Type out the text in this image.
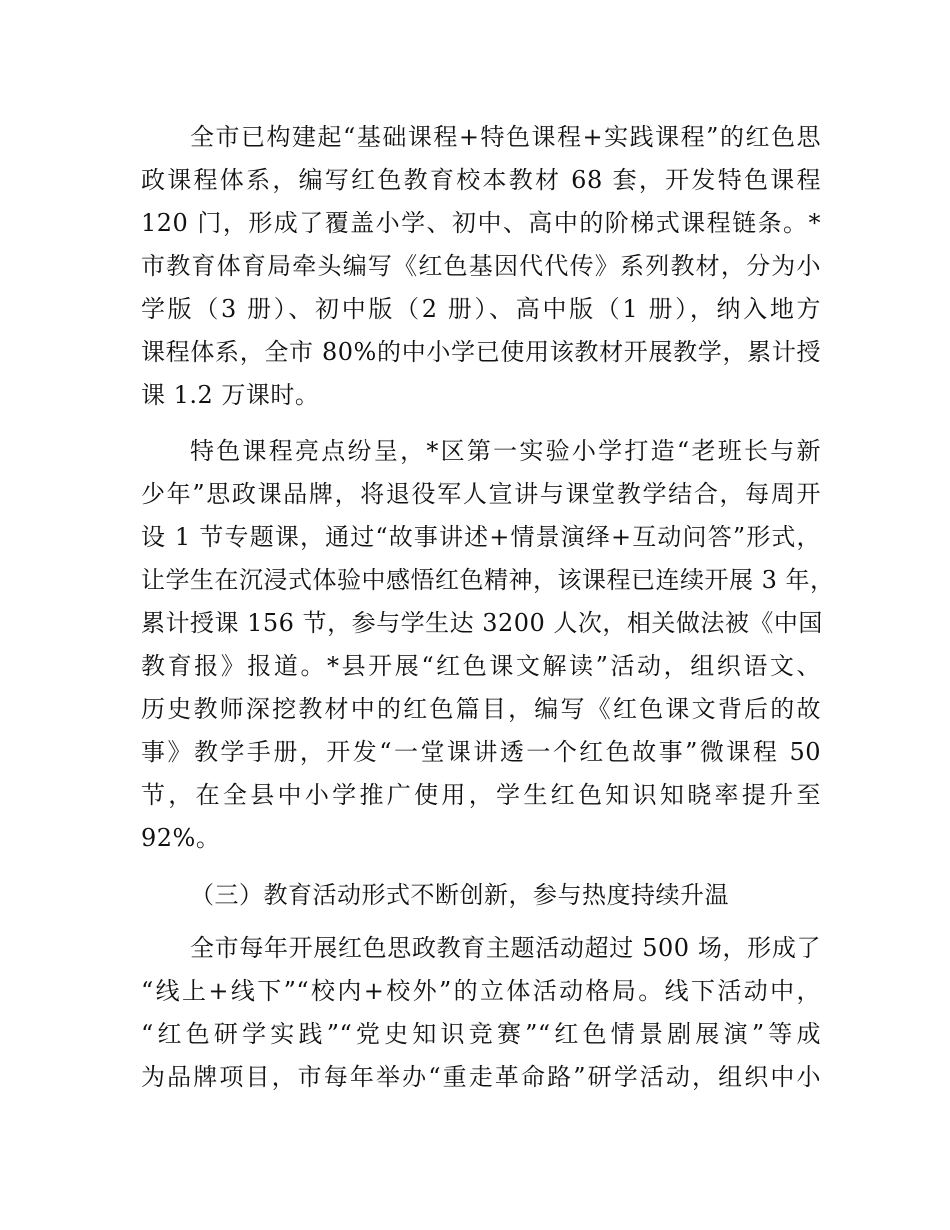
全市已构建起“基础课程+特色课程+实践课程”的红色思
政课程体系，编写红色教育校本教材 68 套，开发特色课程
120 门，形成了覆盖小学、初中、高中的阶梯式课程链条。*
市教育体育局牵头编写《红色基因代代传》系列教材，分为小
学版（3 册）、初中版（2 册）、高中版（1 册），纳入地方
课程体系，全市 80%的中小学已使用该教材开展教学，累计授
课 1.2 万课时。
特色课程亮点纷呈，*区第一实验小学打造“老班长与新
少年”思政课品牌，将退役军人宣讲与课堂教学结合，每周开
设 1 节专题课，通过“故事讲述+情景演绎+互动问答”形式，
让学生在沉浸式体验中感悟红色精神，该课程已连续开展 3 年，
累计授课 156 节，参与学生达 3200 人次，相关做法被《中国
教育报》报道。*县开展“红色课文解读”活动，组织语文、
历史教师深挖教材中的红色篇目，编写《红色课文背后的故
事》教学手册，开发“一堂课讲透一个红色故事”微课程 50
节，在全县中小学推广使用，学生红色知识知晓率提升至
92%。
（三）教育活动形式不断创新，参与热度持续升温
全市每年开展红色思政教育主题活动超过 500 场，形成了
“线上+线下”“校内+校外”的立体活动格局。线下活动中，
“红色研学实践”“党史知识竞赛”“红色情景剧展演”等成
为品牌项目，市每年举办“重走革命路”研学活动，组织中小
